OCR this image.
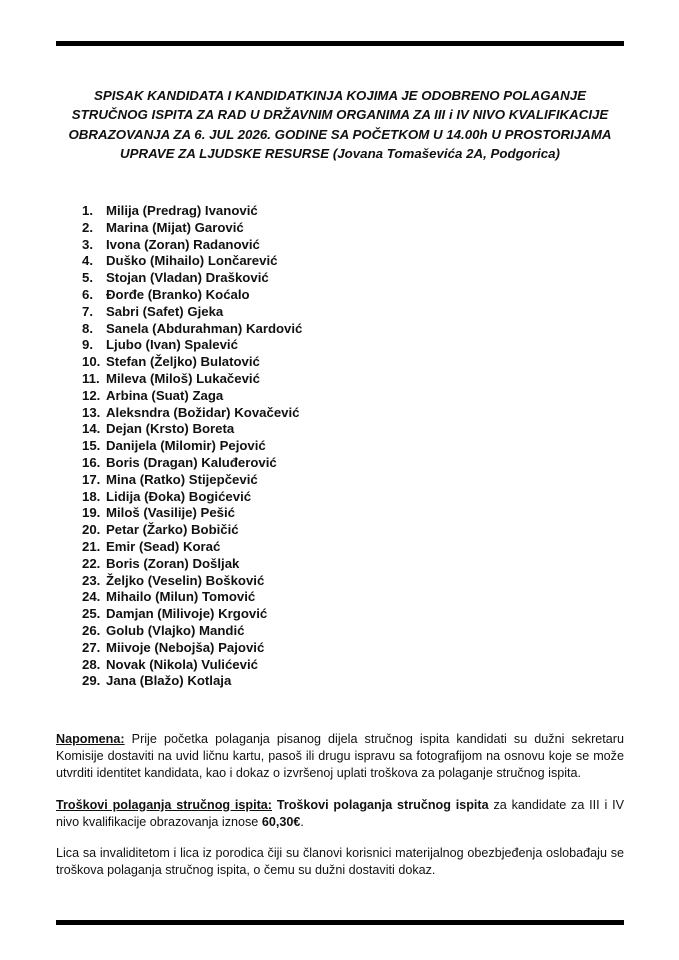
SPISAK KANDIDATA I KANDIDATKINJA KOJIMA JE ODOBRENO POLAGANJE STRUČNOG ISPITA ZA RAD U DRŽAVNIM ORGANIMA ZA III i IV NIVO KVALIFIKACIJE OBRAZOVANJA ZA 6. JUL 2026. GODINE SA POČETKOM U 14.00h U PROSTORIJAMA UPRAVE ZA LJUDSKE RESURSE (Jovana Tomaševića 2A, Podgorica)

1. Milija (Predrag) Ivanović
2. Marina (Mijat) Garović
3. Ivona (Zoran) Radanović
4. Duško (Mihailo) Lončarević
5. Stojan (Vladan) Drašković
6. Đorđe (Branko) Koćalo
7. Sabri (Safet) Gjeka
8. Sanela (Abdurahman) Kardović
9. Ljubo (Ivan) Spalević
10. Stefan (Željko) Bulatović
11. Mileva (Miloš) Lukačević
12. Arbina (Suat) Zaga
13. Aleksndra (Božidar) Kovačević
14. Dejan (Krsto) Boreta
15. Danijela (Milomir) Pejović
16. Boris (Dragan) Kaluđerović
17. Mina (Ratko) Stijepčević
18. Lidija (Đoka) Bogićević
19. Miloš (Vasilije) Pešić
20. Petar (Žarko) Bobičić
21. Emir (Sead) Korać
22. Boris (Zoran) Došljak
23. Željko (Veselin) Bošković
24. Mihailo (Milun) Tomović
25. Damjan (Milivoje) Krgović
26. Golub (Vlajko) Mandić
27. Miivoje (Nebojša) Pajović
28. Novak (Nikola) Vulićević
29. Jana (Blažo) Kotlaja

Napomena: Prije početka polaganja pisanog dijela stručnog ispita kandidati su dužni sekretaru Komisije dostaviti na uvid ličnu kartu, pasoš ili drugu ispravu sa fotografijom na osnovu koje se može utvrditi identitet kandidata, kao i dokaz o izvršenoj uplati troškova za polaganje stručnog ispita.

Troškovi polaganja stručnog ispita: Troškovi polaganja stručnog ispita za kandidate za III i IV nivo kvalifikacije obrazovanja iznose 60,30€.

Lica sa invaliditetom i lica iz porodica čiji su članovi korisnici materijalnog obezbjeđenja oslobađaju se troškova polaganja stručnog ispita, o čemu su dužni dostaviti dokaz.
